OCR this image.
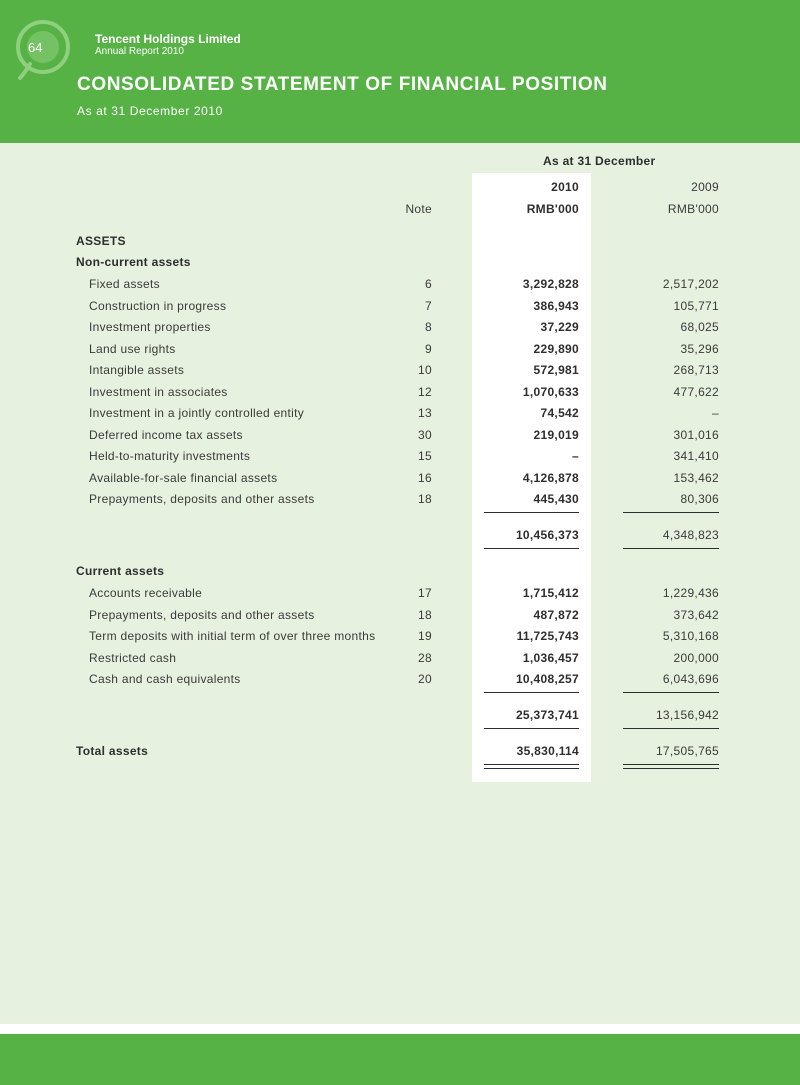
64
Tencent Holdings Limited
Annual Report 2010
CONSOLIDATED STATEMENT OF FINANCIAL POSITION
As at 31 December 2010
As at 31 December
2010	2009
Note	RMB'000	RMB'000
ASSETS
Non-current assets
Fixed assets	6	3,292,828	2,517,202
Construction in progress	7	386,943	105,771
Investment properties	8	37,229	68,025
Land use rights	9	229,890	35,296
Intangible assets	10	572,981	268,713
Investment in associates	12	1,070,633	477,622
Investment in a jointly controlled entity	13	74,542	–
Deferred income tax assets	30	219,019	301,016
Held-to-maturity investments	15	–	341,410
Available-for-sale financial assets	16	4,126,878	153,462
Prepayments, deposits and other assets	18	445,430	80,306
10,456,373	4,348,823
Current assets
Accounts receivable	17	1,715,412	1,229,436
Prepayments, deposits and other assets	18	487,872	373,642
Term deposits with initial term of over three months	19	11,725,743	5,310,168
Restricted cash	28	1,036,457	200,000
Cash and cash equivalents	20	10,408,257	6,043,696
25,373,741	13,156,942
Total assets	35,830,114	17,505,765
